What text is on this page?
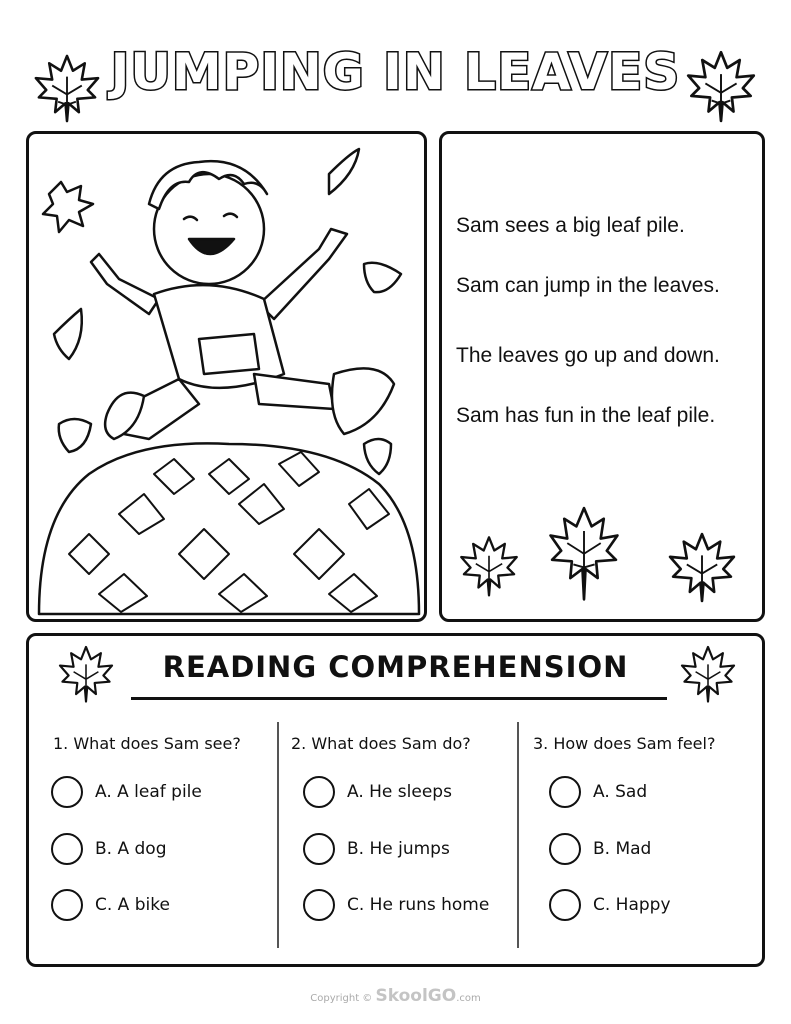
JUMPING IN LEAVES
Sam sees a big leaf pile.
Sam can jump in the leaves.
The leaves go up and down.
Sam has fun in the leaf pile.
READING COMPREHENSION
1. What does Sam see?
A. A leaf pile
B. A dog
C. A bike
2. What does Sam do?
A. He sleeps
B. He jumps
C. He runs home
3. How does Sam feel?
A. Sad
B. Mad
C. Happy
Copyright © SkoolGO.com
